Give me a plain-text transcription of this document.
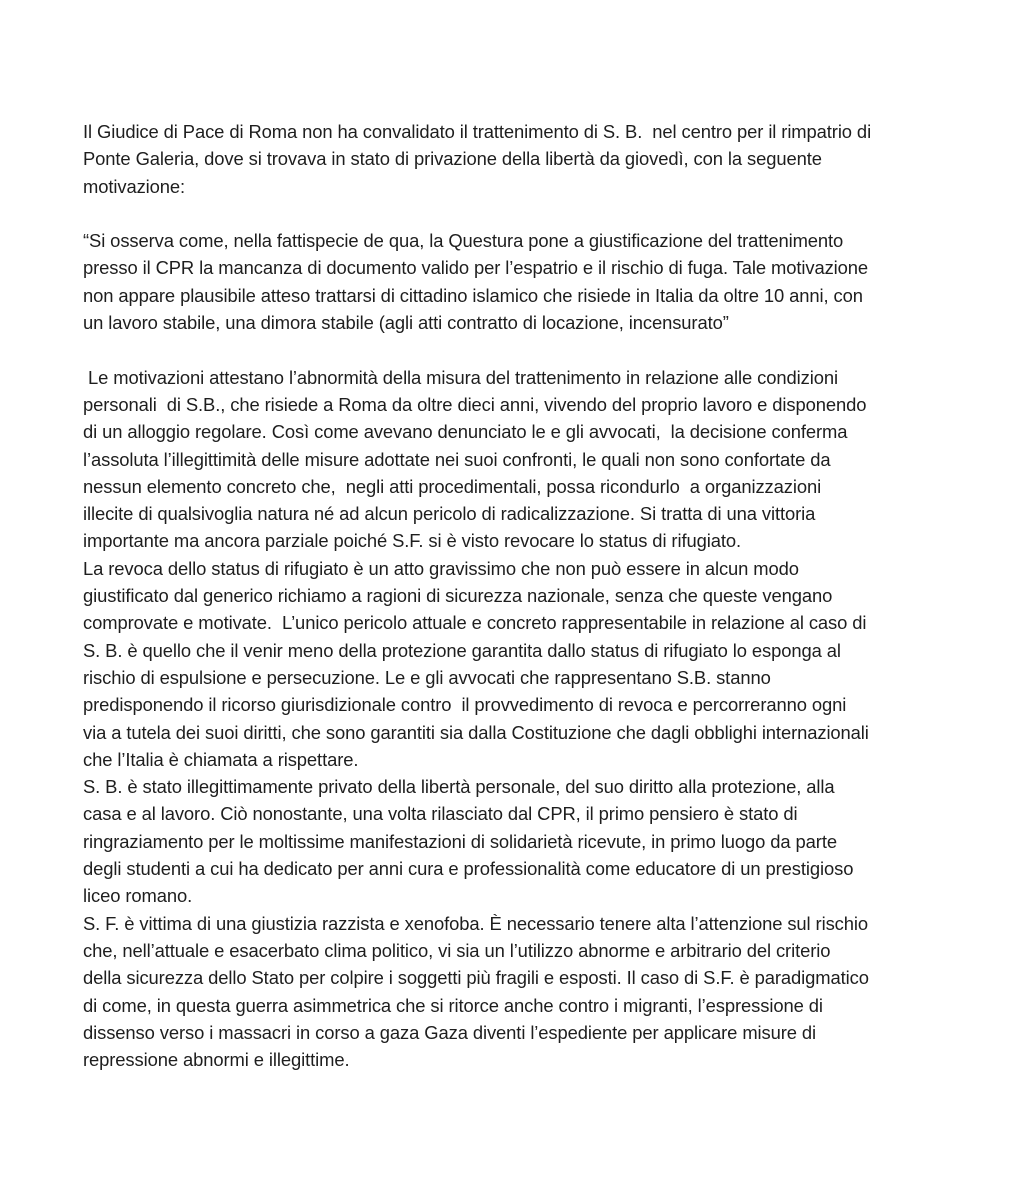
Il Giudice di Pace di Roma non ha convalidato il trattenimento di S. B.  nel centro per il rimpatrio di
Ponte Galeria, dove si trovava in stato di privazione della libertà da giovedì, con la seguente
motivazione:

“Si osserva come, nella fattispecie de qua, la Questura pone a giustificazione del trattenimento
presso il CPR la mancanza di documento valido per l’espatrio e il rischio di fuga. Tale motivazione
non appare plausibile atteso trattarsi di cittadino islamico che risiede in Italia da oltre 10 anni, con
un lavoro stabile, una dimora stabile (agli atti contratto di locazione, incensurato”

Le motivazioni attestano l’abnormità della misura del trattenimento in relazione alle condizioni
personali  di S.B., che risiede a Roma da oltre dieci anni, vivendo del proprio lavoro e disponendo
di un alloggio regolare. Così come avevano denunciato le e gli avvocati,  la decisione conferma
l’assoluta l’illegittimità delle misure adottate nei suoi confronti, le quali non sono confortate da
nessun elemento concreto che,  negli atti procedimentali, possa ricondurlo  a organizzazioni
illecite di qualsivoglia natura né ad alcun pericolo di radicalizzazione. Si tratta di una vittoria
importante ma ancora parziale poiché S.F. si è visto revocare lo status di rifugiato.
La revoca dello status di rifugiato è un atto gravissimo che non può essere in alcun modo
giustificato dal generico richiamo a ragioni di sicurezza nazionale, senza che queste vengano
comprovate e motivate.  L’unico pericolo attuale e concreto rappresentabile in relazione al caso di
S. B. è quello che il venir meno della protezione garantita dallo status di rifugiato lo esponga al
rischio di espulsione e persecuzione. Le e gli avvocati che rappresentano S.B. stanno
predisponendo il ricorso giurisdizionale contro  il provvedimento di revoca e percorreranno ogni
via a tutela dei suoi diritti, che sono garantiti sia dalla Costituzione che dagli obblighi internazionali
che l’Italia è chiamata a rispettare.
S. B. è stato illegittimamente privato della libertà personale, del suo diritto alla protezione, alla
casa e al lavoro. Ciò nonostante, una volta rilasciato dal CPR, il primo pensiero è stato di
ringraziamento per le moltissime manifestazioni di solidarietà ricevute, in primo luogo da parte
degli studenti a cui ha dedicato per anni cura e professionalità come educatore di un prestigioso
liceo romano.
S. F. è vittima di una giustizia razzista e xenofoba. È necessario tenere alta l’attenzione sul rischio
che, nell’attuale e esacerbato clima politico, vi sia un l’utilizzo abnorme e arbitrario del criterio
della sicurezza dello Stato per colpire i soggetti più fragili e esposti. Il caso di S.F. è paradigmatico
di come, in questa guerra asimmetrica che si ritorce anche contro i migranti, l’espressione di
dissenso verso i massacri in corso a gaza Gaza diventi l’espediente per applicare misure di
repressione abnormi e illegittime.
